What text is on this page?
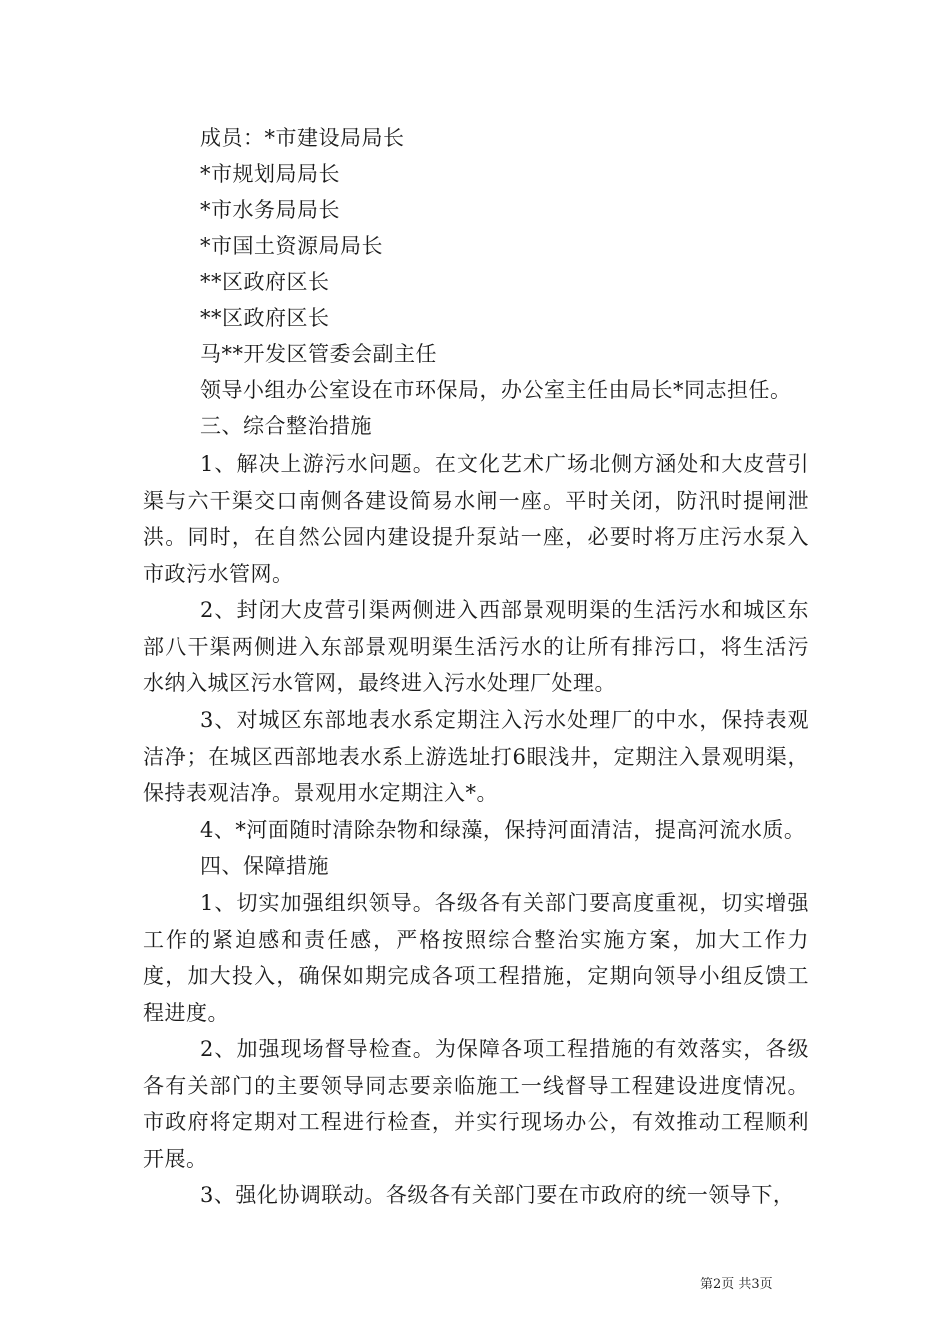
成员：*市建设局局长
*市规划局局长
*市水务局局长
*市国土资源局局长
**区政府区长
**区政府区长
马**开发区管委会副主任
领导小组办公室设在市环保局，办公室主任由局长*同志担任。
三、综合整治措施
1、解决上游污水问题。在文化艺术广场北侧方涵处和大皮营引渠与六干渠交口南侧各建设简易水闸一座。平时关闭，防汛时提闸泄洪。同时，在自然公园内建设提升泵站一座，必要时将万庄污水泵入市政污水管网。
2、封闭大皮营引渠两侧进入西部景观明渠的生活污水和城区东部八干渠两侧进入东部景观明渠生活污水的让所有排污口，将生活污水纳入城区污水管网，最终进入污水处理厂处理。
3、对城区东部地表水系定期注入污水处理厂的中水，保持表观洁净；在城区西部地表水系上游选址打6眼浅井，定期注入景观明渠，保持表观洁净。景观用水定期注入*。
4、*河面随时清除杂物和绿藻，保持河面清洁，提高河流水质。
四、保障措施
1、切实加强组织领导。各级各有关部门要高度重视，切实增强工作的紧迫感和责任感，严格按照综合整治实施方案，加大工作力度，加大投入，确保如期完成各项工程措施，定期向领导小组反馈工程进度。
2、加强现场督导检查。为保障各项工程措施的有效落实，各级各有关部门的主要领导同志要亲临施工一线督导工程建设进度情况。市政府将定期对工程进行检查，并实行现场办公，有效推动工程顺利开展。
3、强化协调联动。各级各有关部门要在市政府的统一领导下，
第2页 共3页
